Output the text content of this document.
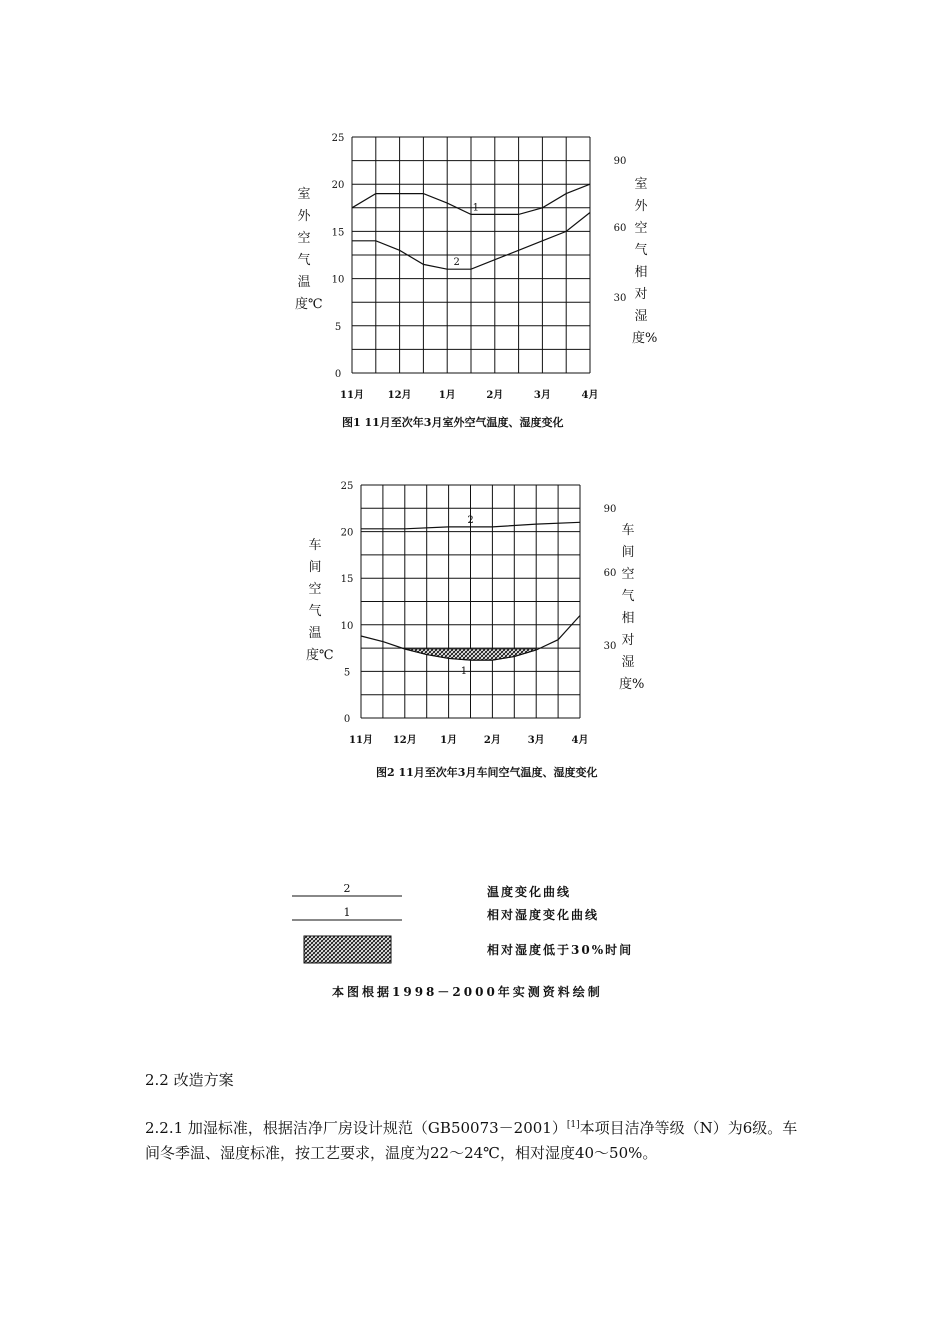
0
5
10
15
20
25
30
60
90
11月 12月	1月	2月	3月	4月
1
2
室外空气温度℃
室外空气相对湿度%
图1 11月至次年3月室外空气温度、湿度变化
0
5
10
15
20
25
30
60
90
11月 12月 1月	2月	3月	4月
2
1
车间空气温度℃
车间空气相对湿度%
图2 11月至次年3月车间空气温度、湿度变化
2
1
温度变化曲线
相对湿度变化曲线
相对湿度低于30%时间
本图根据1998－2000年实测资料绘制
2.2 改造方案
2.2.1 加湿标准，根据洁净厂房设计规范（GB50073－2001）[1]本项目洁净等级（N）为6级。车间冬季温、湿度标准，按工艺要求，温度为22～24℃，相对湿度40～50%。
